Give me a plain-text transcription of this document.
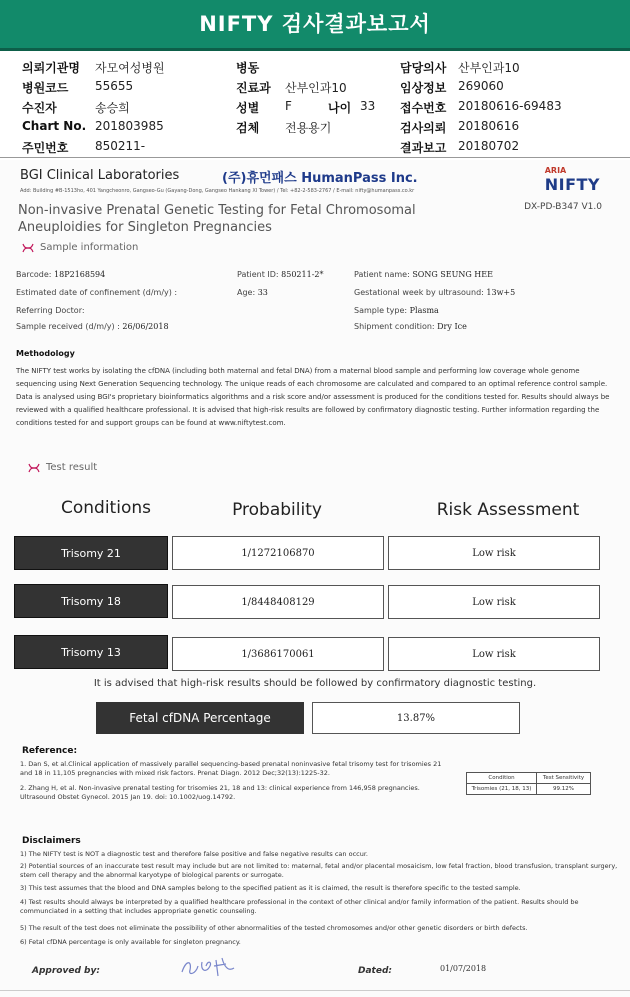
NIFTY 검사결과보고서
의뢰기관명 자모여성병원	병동	담당의사 산부인과10
병원코드 55655	진료과 산부인과10	임상정보 269060
수진자	송승희	성별 F	나이 33 접수번호 20180616-69483
Chart No. 201803985	검체 전용용기	검사의뢰 20180616
주민번호 850211-	결과보고 20180702
BGI Clinical Laboratories	(주)휴먼패스 HumanPass Inc.
Add: Building #B-1513ho, 401 Yangcheonro, Gangseo-Gu (Gayang-Dong, Gangseo Hankang XI Tower) / Tel: +82-2-583-2767 / E-mail: nifty@humanpass.co.kr
ARIA
NIFTY
DX-PD-B347 V1.0
Non-invasive Prenatal Genetic Testing for Fetal Chromosomal Aneuploidies for Singleton Pregnancies
Sample information
Barcode: 18P2168594	Patient ID: 850211-2*	Patient name: SONG SEUNG HEE
Estimated date of confinement (d/m/y) :	Age: 33	Gestational week by ultrasound: 13w+5
Referring Doctor:	Sample type: Plasma
Sample received (d/m/y) : 26/06/2018	Shipment condition: Dry Ice
Methodology
The NIFTY test works by isolating the cfDNA (including both maternal and fetal DNA) from a maternal blood sample and performing low coverage whole genome sequencing using Next Generation Sequencing technology. The unique reads of each chromosome are calculated and compared to an optimal reference control sample. Data is analysed using BGI's proprietary bioinformatics algorithms and a risk score and/or assessment is produced for the conditions tested for. Results should always be reviewed with a qualified healthcare professional. It is advised that high-risk results are followed by confirmatory diagnostic testing. Further information regarding the conditions tested for and support groups can be found at www.niftytest.com.
Test result
Conditions	Probability	Risk Assessment
Trisomy 21	1/1272106870	Low risk
Trisomy 18	1/8448408129	Low risk
Trisomy 13	1/3686170061	Low risk
It is advised that high-risk results should be followed by confirmatory diagnostic testing.
Fetal cfDNA Percentage	13.87%
Reference:
1. Dan S, et al.Clinical application of massively parallel sequencing-based prenatal noninvasive fetal trisomy test for trisomies 21 and 18 in 11,105 pregnancies with mixed risk factors. Prenat Diagn. 2012 Dec;32(13):1225-32.
2. Zhang H, et al. Non-invasive prenatal testing for trisomies 21, 18 and 13: clinical experience from 146,958 pregnancies. Ultrasound Obstet Gynecol. 2015 Jan 19. doi: 10.1002/uog.14792.
Condition	Test Sensitivity
Trisomies (21, 18, 13)	99.12%
Disclaimers
1) The NIFTY test is NOT a diagnostic test and therefore false positive and false negative results can occur.
2) Potential sources of an inaccurate test result may include but are not limited to: maternal, fetal and/or placental mosaicism, low fetal fraction, blood transfusion, transplant surgery, stem cell therapy and the abnormal karyotype of biological parents or surrogate.
3) This test assumes that the blood and DNA samples belong to the specified patient as it is claimed, the result is therefore specific to the tested sample.
4) Test results should always be interpreted by a qualified healthcare professional in the context of other clinical and/or family information of the patient. Results should be communciated in a setting that includes appropriate genetic counseling.
5) The result of the test does not eliminate the possibility of other abnormalities of the tested chromosomes and/or other genetic disorders or birth defects.
6) Fetal cfDNA percentage is only available for singleton pregnancy.
Approved by:	Dated:	01/07/2018
